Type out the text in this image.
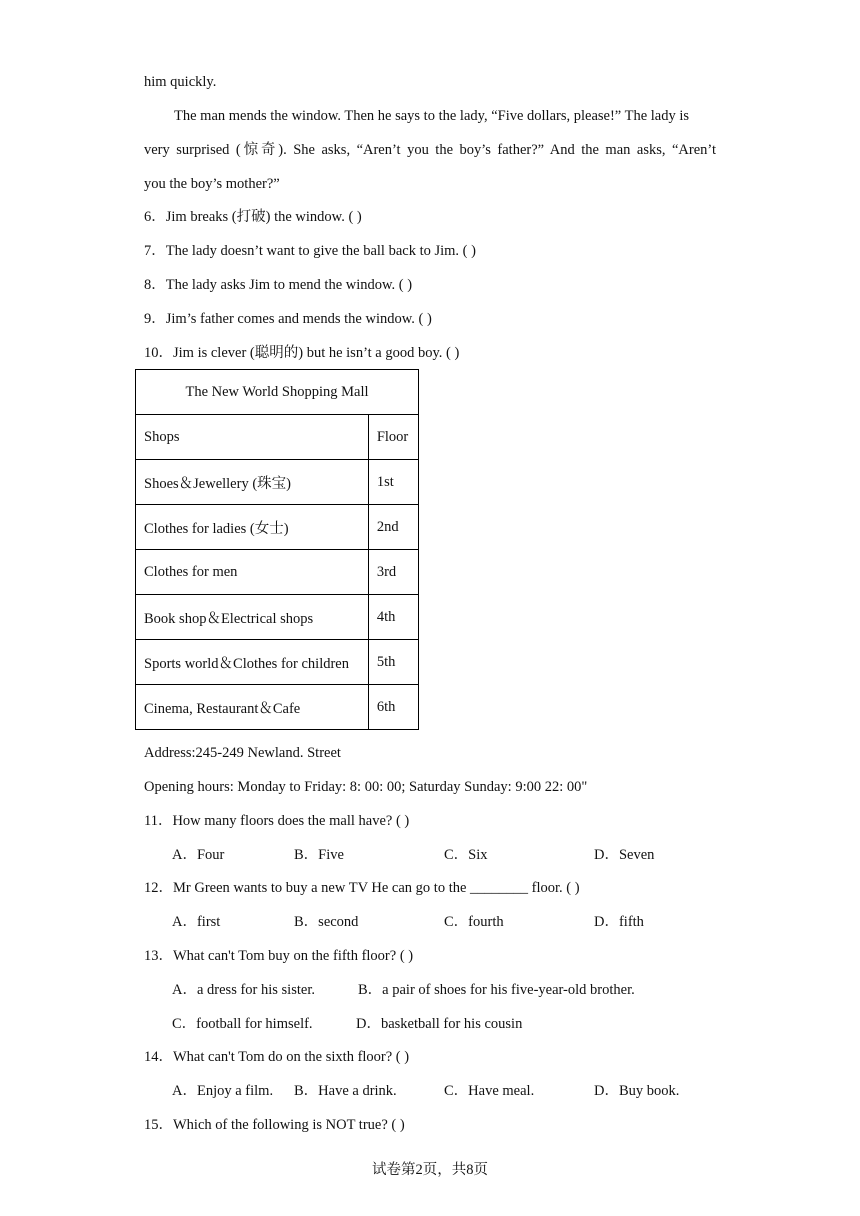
him quickly.
The man mends the window. Then he says to the lady, “Five dollars, please!” The lady is
very surprised (惊奇). She asks, “Aren’t you the boy’s father?” And the man asks, “Aren’t
you the boy’s mother?”
6．Jim breaks (打破) the window. ( )
7．The lady doesn’t want to give the ball back to Jim. ( )
8．The lady asks Jim to mend the window. ( )
9．Jim’s father comes and mends the window. ( )
10．Jim is clever (聪明的) but he isn’t a good boy. ( )
The New World Shopping Mall	
Shops	Floor
Shoes＆Jewellery (珠宝)	1st
Clothes for ladies (女士)	2nd
Clothes for men	3rd
Book shop＆Electrical shops	4th
Sports world＆Clothes for children	5th
Cinema, Restaurant＆Cafe	6th
Address:245-249 Newland. Street
Opening hours: Monday to Friday: 8: 00: 00; Saturday Sunday: 9:00 22: 00"
11．How many floors does the mall have? ( )
A．Four	B．Five	C．Six	D．Seven
12．Mr Green wants to buy a new TV He can go to the ________ floor. ( )
A．first	B．second	C．fourth	D．fifth
13．What can't Tom buy on the fifth floor? ( )
A．a dress for his sister.	B．a pair of shoes for his five-year-old brother.
C．football for himself.	D．basketball for his cousin
14．What can't Tom do on the sixth floor? ( )
A．Enjoy a film. B．Have a drink.	C．Have meal.	D．Buy book.
15．Which of the following is NOT true? ( )
试卷第2页，共8页
